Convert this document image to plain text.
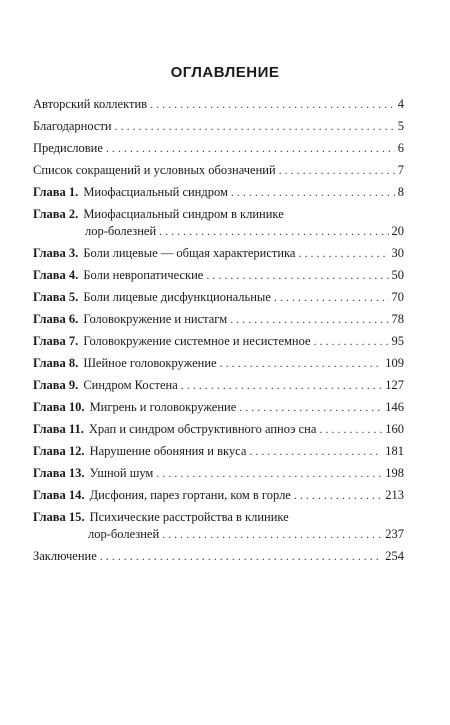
ОГЛАВЛЕНИЕ
Авторский коллектив . . .	4
Благодарности . . .	5
Предисловие . . .	6
Список сокращений и условных обозначений . . .	7
Глава 1. Миофасциальный синдром . . .	8
Глава 2. Миофасциальный синдром в клинике
лор-болезней . . .	20
Глава 3. Боли лицевые — общая характеристика . . .	30
Глава 4. Боли невропатические . . .	50
Глава 5. Боли лицевые дисфункциональные . . .	70
Глава 6. Головокружение и нистагм . . .	78
Глава 7. Головокружение системное и несистемное . . .	95
Глава 8. Шейное головокружение . . .	109
Глава 9. Синдром Костена . . .	127
Глава 10. Мигрень и головокружение . . .	146
Глава 11. Храп и синдром обструктивного апноэ сна . . .	160
Глава 12. Нарушение обоняния и вкуса . . .	181
Глава 13. Ушной шум . . .	198
Глава 14. Дисфония, парез гортани, ком в горле . . .	213
Глава 15. Психические расстройства в клинике
лор-болезней . . .	237
Заключение . . .	254
